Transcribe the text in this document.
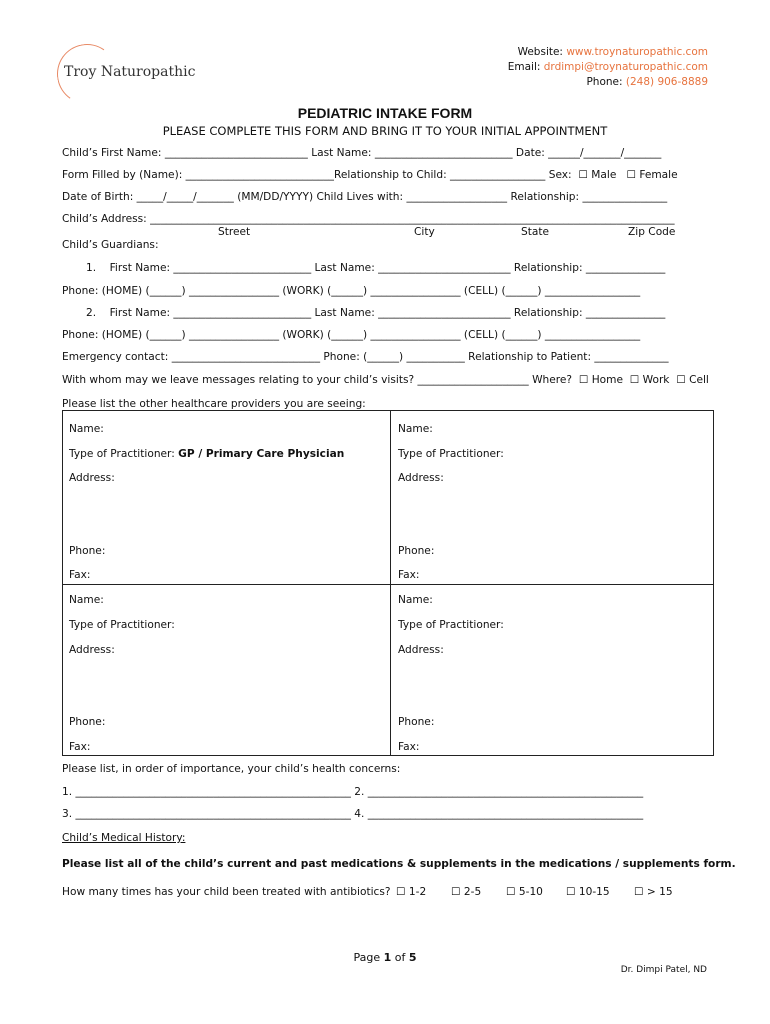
Troy Naturopathic
Website: www.troynaturopathic.com
Email: drdimpi@troynaturopathic.com
Phone: (248) 906-8889
PEDIATRIC INTAKE FORM
PLEASE COMPLETE THIS FORM AND BRING IT TO YOUR INITIAL APPOINTMENT
Child’s First Name: ___________________________ Last Name: __________________________ Date: ______/_______/_______
Form Filled by (Name): ____________________________Relationship to Child: __________________ Sex: ☐ Male ☐ Female
Date of Birth: _____/_____/_______ (MM/DD/YYYY) Child Lives with: ___________________ Relationship: ________________
Child’s Address: ___________________________________________________________________________________________________
Street	City	State	Zip Code
Child’s Guardians:
1.    First Name: __________________________ Last Name: _________________________ Relationship: _______________
Phone: (HOME) (______) _________________ (WORK) (______) _________________ (CELL) (______) __________________
2.    First Name: __________________________ Last Name: _________________________ Relationship: _______________
Phone: (HOME) (______) _________________ (WORK) (______) _________________ (CELL) (______) __________________
Emergency contact: ____________________________ Phone: (______) ___________ Relationship to Patient: ______________
With whom may we leave messages relating to your child’s visits? _____________________ Where? ☐ Home ☐ Work ☐ Cell
Please list the other healthcare providers you are seeing:
Name:
Type of Practitioner: GP / Primary Care Physician
Address:
Phone:
Fax:
Name:
Type of Practitioner:
Address:
Phone:
Fax:
Name:
Type of Practitioner:
Address:
Phone:
Fax:
Name:
Type of Practitioner:
Address:
Phone:
Fax:
Please list, in order of importance, your child’s health concerns:
1. ____________________________________________________ 2. ____________________________________________________
3. ____________________________________________________ 4. ____________________________________________________
Child’s Medical History:
Please list all of the child’s current and past medications & supplements in the medications / supplements form.
How many times has your child been treated with antibiotics? ☐ 1-2 ☐ 2-5 ☐ 5-10 ☐ 10-15 ☐ > 15
Page 1 of 5
Dr. Dimpi Patel, ND
